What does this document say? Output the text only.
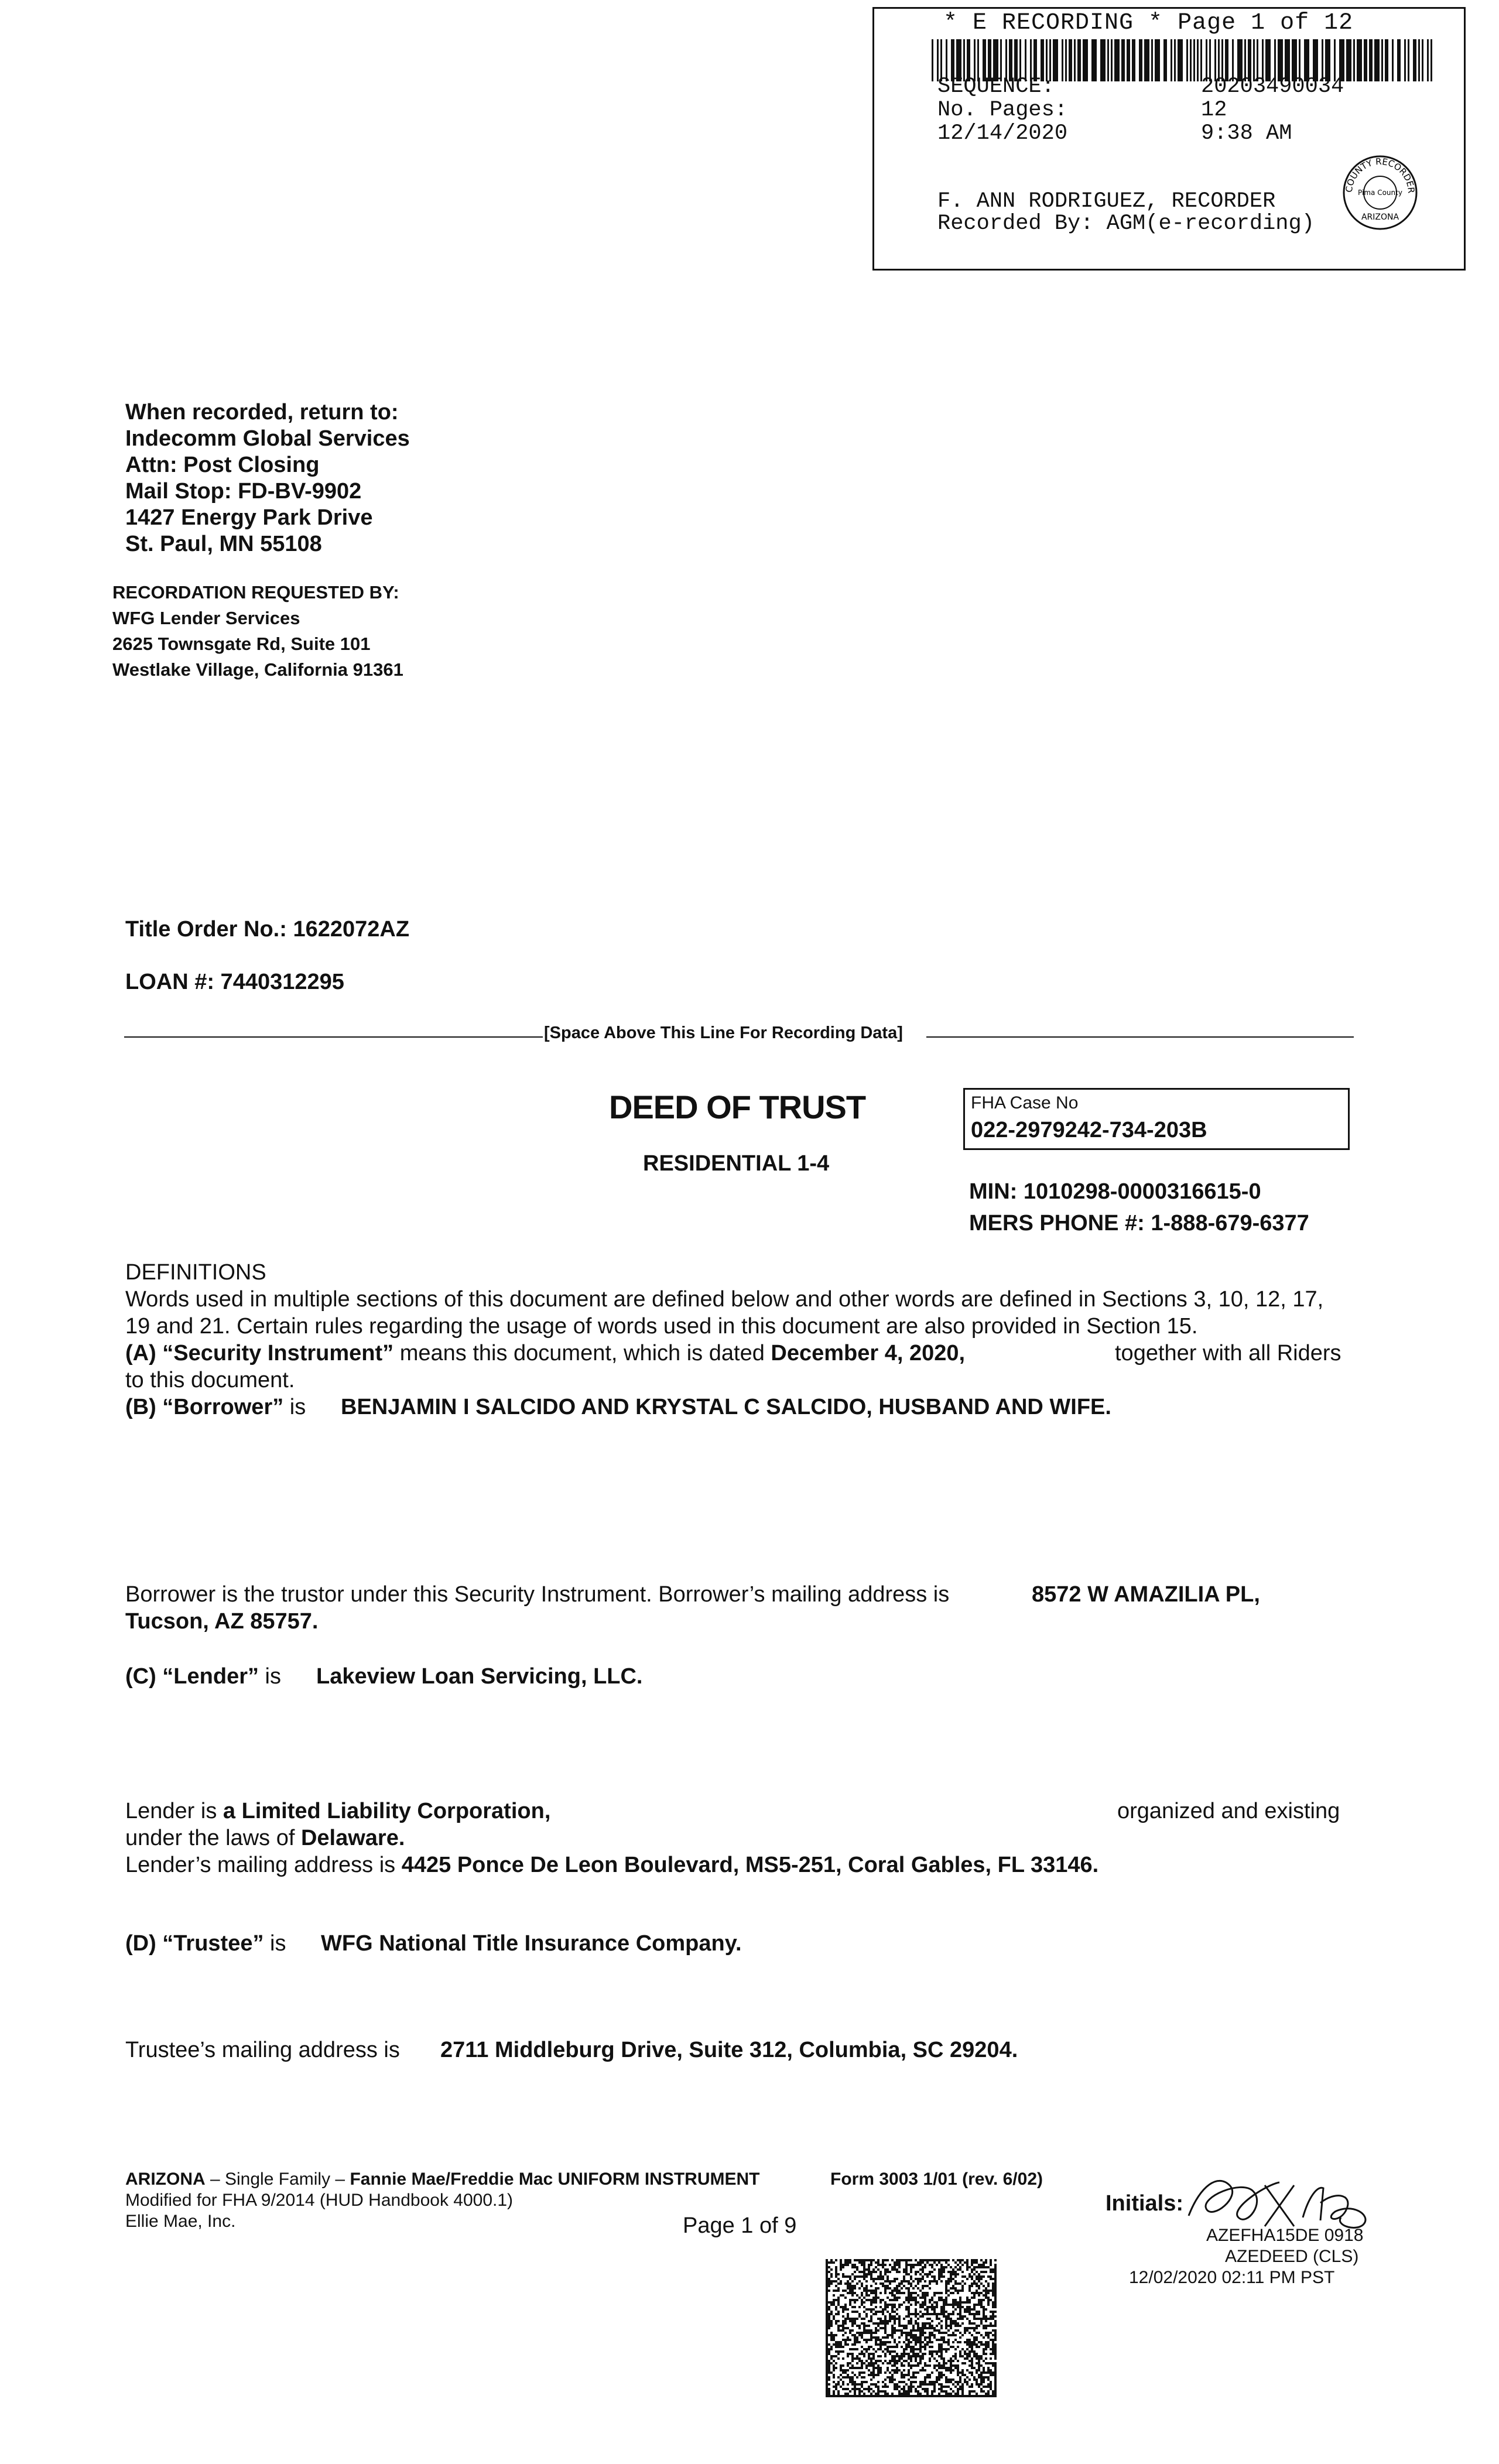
* E RECORDING * Page 1 of 12
SEQUENCE:	20203490034
No. Pages:	12
12/14/2020	9:38 AM
F. ANN RODRIGUEZ, RECORDER
Recorded By: AGM(e-recording)
COUNTY RECORDER
Pima County
ARIZONA
When recorded, return to:
Indecomm Global Services
Attn: Post Closing
Mail Stop: FD-BV-9902
1427 Energy Park Drive
St. Paul, MN 55108
RECORDATION REQUESTED BY:
WFG Lender Services
2625 Townsgate Rd, Suite 101
Westlake Village, California 91361
Title Order No.: 1622072AZ
LOAN #: 7440312295
[Space Above This Line For Recording Data]
DEED OF TRUST
RESIDENTIAL 1-4
FHA Case No
022-2979242-734-203B
MIN: 1010298-0000316615-0
MERS PHONE #: 1-888-679-6377
DEFINITIONS
Words used in multiple sections of this document are defined below and other words are defined in Sections 3, 10, 12, 17,
19 and 21. Certain rules regarding the usage of words used in this document are also provided in Section 15.
(A) “Security Instrument” means this document, which is dated December 4, 2020,	together with all Riders
to this document.
(B) “Borrower” is BENJAMIN I SALCIDO AND KRYSTAL C SALCIDO, HUSBAND AND WIFE.
Borrower is the trustor under this Security Instrument. Borrower’s mailing address is	8572 W AMAZILIA PL,
Tucson, AZ 85757.
(C) “Lender” is Lakeview Loan Servicing, LLC.
Lender is a Limited Liability Corporation,	organized and existing
under the laws of Delaware.
Lender’s mailing address is 4425 Ponce De Leon Boulevard, MS5-251, Coral Gables, FL 33146.
(D) “Trustee” is WFG National Title Insurance Company.
Trustee’s mailing address is 2711 Middleburg Drive, Suite 312, Columbia, SC 29204.
ARIZONA – Single Family – Fannie Mae/Freddie Mac UNIFORM INSTRUMENT	Form 3003 1/01 (rev. 6/02)
Modified for FHA 9/2014 (HUD Handbook 4000.1)
Ellie Mae, Inc.	Page 1 of 9
Initials:
AZEFHA15DE 0918
AZEDEED (CLS)
12/02/2020 02:11 PM PST
